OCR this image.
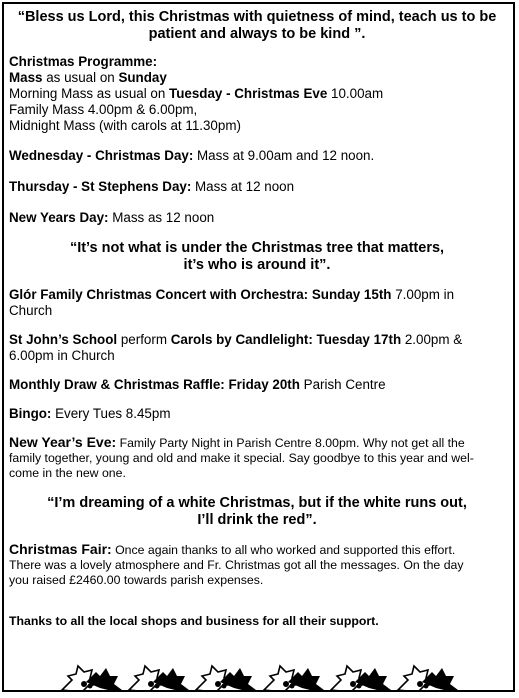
“Bless us Lord, this Christmas with quietness of mind, teach us to be
patient and always to be kind ”.
Christmas Programme:
Mass as usual on Sunday
Morning Mass as usual on Tuesday - Christmas Eve 10.00am
Family Mass 4.00pm & 6.00pm,
Midnight Mass (with carols at 11.30pm)
Wednesday - Christmas Day: Mass at 9.00am and 12 noon.
Thursday - St Stephens Day: Mass at 12 noon
New Years Day: Mass as 12 noon
“It’s not what is under the Christmas tree that matters,
it’s who is around it”.
Glór Family Christmas Concert with Orchestra: Sunday 15th 7.00pm in
Church
St John’s School perform Carols by Candlelight: Tuesday 17th 2.00pm &
6.00pm in Church
Monthly Draw & Christmas Raffle: Friday 20th Parish Centre
Bingo: Every Tues 8.45pm
New Year’s Eve: Family Party Night in Parish Centre 8.00pm. Why not get all the
family together, young and old and make it special. Say goodbye to this year and wel-
come in the new one.
“I’m dreaming of a white Christmas, but if the white runs out,
I’ll drink the red”.
Christmas Fair: Once again thanks to all who worked and supported this effort.
There was a lovely atmosphere and Fr. Christmas got all the messages. On the day
you raised £2460.00 towards parish expenses.
Thanks to all the local shops and business for all their support.
